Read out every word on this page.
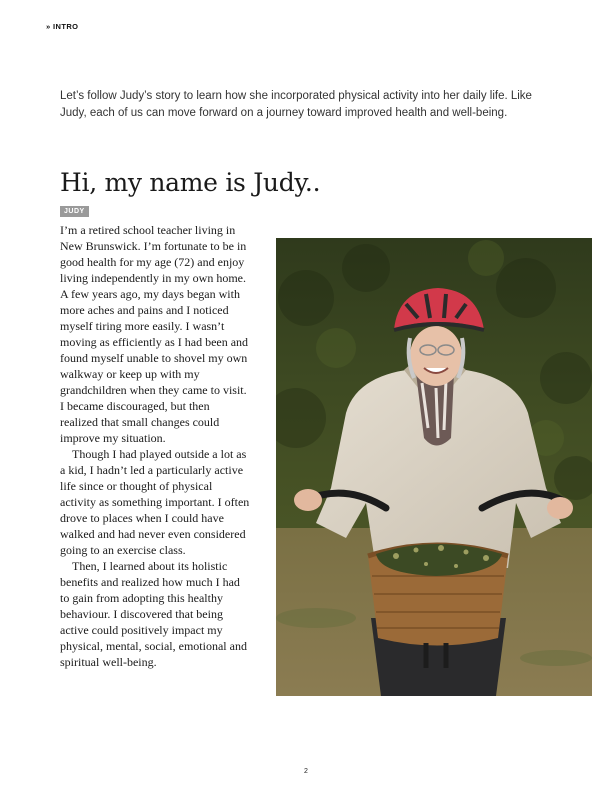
» INTRO

Let’s follow Judy’s story to learn how she incorporated physical activity into her daily life. Like Judy, each of us can move forward on a journey toward improved health and well-being.

Hi, my name is Judy..
JUDY

I’m a retired school teacher living in New Brunswick. I’m fortunate to be in good health for my age (72) and enjoy living independently in my own home. A few years ago, my days began with more aches and pains and I noticed myself tiring more easily. I wasn’t moving as efficiently as I had been and found myself unable to shovel my own walkway or keep up with my grandchildren when they came to visit. I became discouraged, but then realized that small changes could improve my situation.

Though I had played outside a lot as a kid, I hadn’t led a particularly active life since or thought of physical activity as something important. I often drove to places when I could have walked and had never even considered going to an exercise class.

Then, I learned about its holistic benefits and realized how much I had to gain from adopting this healthy behaviour. I discovered that being active could positively impact my physical, mental, social, emotional and spiritual well-being.

2
